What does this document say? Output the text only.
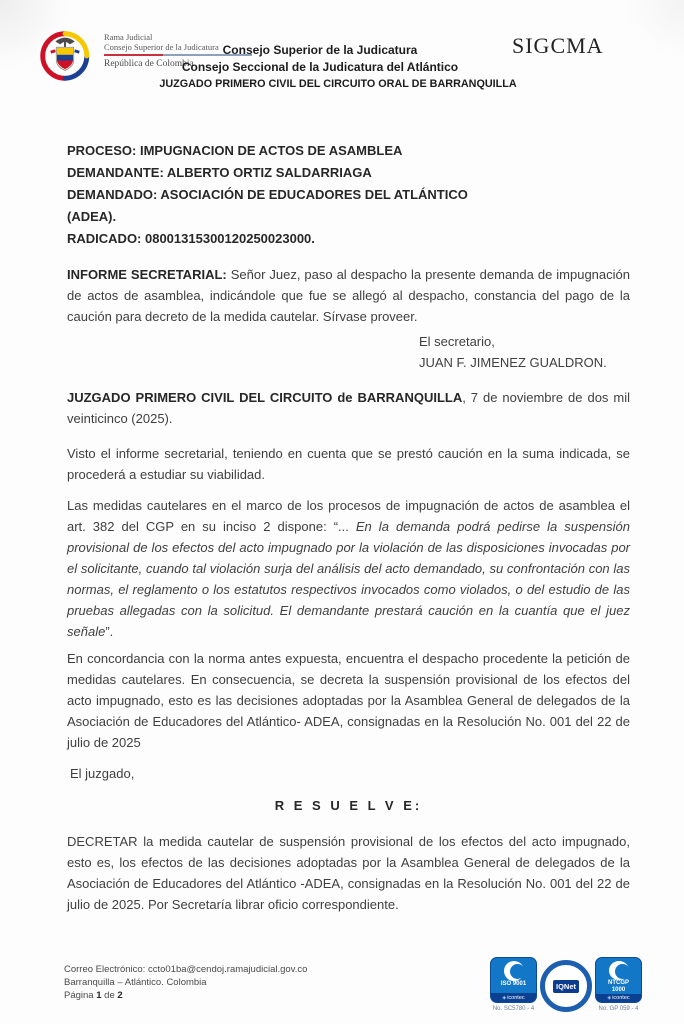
Rama Judicial
Consejo Superior de la Judicatura
República de Colombia
Consejo Superior de la Judicatura
Consejo Seccional de la Judicatura del Atlántico
JUZGADO PRIMERO CIVIL DEL CIRCUITO ORAL DE BARRANQUILLA
SIGCMA
PROCESO: IMPUGNACION DE ACTOS DE ASAMBLEA
DEMANDANTE: ALBERTO ORTIZ SALDARRIAGA
DEMANDADO: ASOCIACIÓN DE EDUCADORES DEL ATLÁNTICO
(ADEA).
RADICADO: 08001315300120250023000.

INFORME SECRETARIAL: Señor Juez, paso al despacho la presente demanda de impugnación de actos de asamblea, indicándole que fue se allegó al despacho, constancia del pago de la caución para decreto de la medida cautelar. Sírvase proveer.

El secretario,
JUAN F. JIMENEZ GUALDRON.

JUZGADO PRIMERO CIVIL DEL CIRCUITO de BARRANQUILLA, 7 de noviembre de dos mil veinticinco (2025).

Visto el informe secretarial, teniendo en cuenta que se prestó caución en la suma indicada, se procederá a estudiar su viabilidad.

Las medidas cautelares en el marco de los procesos de impugnación de actos de asamblea el art. 382 del CGP en su inciso 2 dispone: “... En la demanda podrá pedirse la suspensión provisional de los efectos del acto impugnado por la violación de las disposiciones invocadas por el solicitante, cuando tal violación surja del análisis del acto demandado, su confrontación con las normas, el reglamento o los estatutos respectivos invocados como violados, o del estudio de las pruebas allegadas con la solicitud. El demandante prestará caución en la cuantía que el juez señale”.

En concordancia con la norma antes expuesta, encuentra el despacho procedente la petición de medidas cautelares. En consecuencia, se decreta la suspensión provisional de los efectos del acto impugnado, esto es las decisiones adoptadas por la Asamblea General de delegados de la Asociación de Educadores del Atlántico- ADEA, consignadas en la Resolución No. 001 del 22 de julio de 2025

El juzgado,

R E S U E L V E:

DECRETAR la medida cautelar de suspensión provisional de los efectos del acto impugnado, esto es, los efectos de las decisiones adoptadas por la Asamblea General de delegados de la Asociación de Educadores del Atlántico -ADEA, consignadas en la Resolución No. 001 del 22 de julio de 2025. Por Secretaría librar oficio correspondiente.

Correo Electrónico: ccto01ba@cendoj.ramajudicial.gov.co
Barranquilla – Atlántico. Colombia
Página 1 de 2
ISO 9001
◈ icontec
No. SC5780 - 4
IQNet	NTCGP
1000
◈ icontec
No. GP 059 - 4
